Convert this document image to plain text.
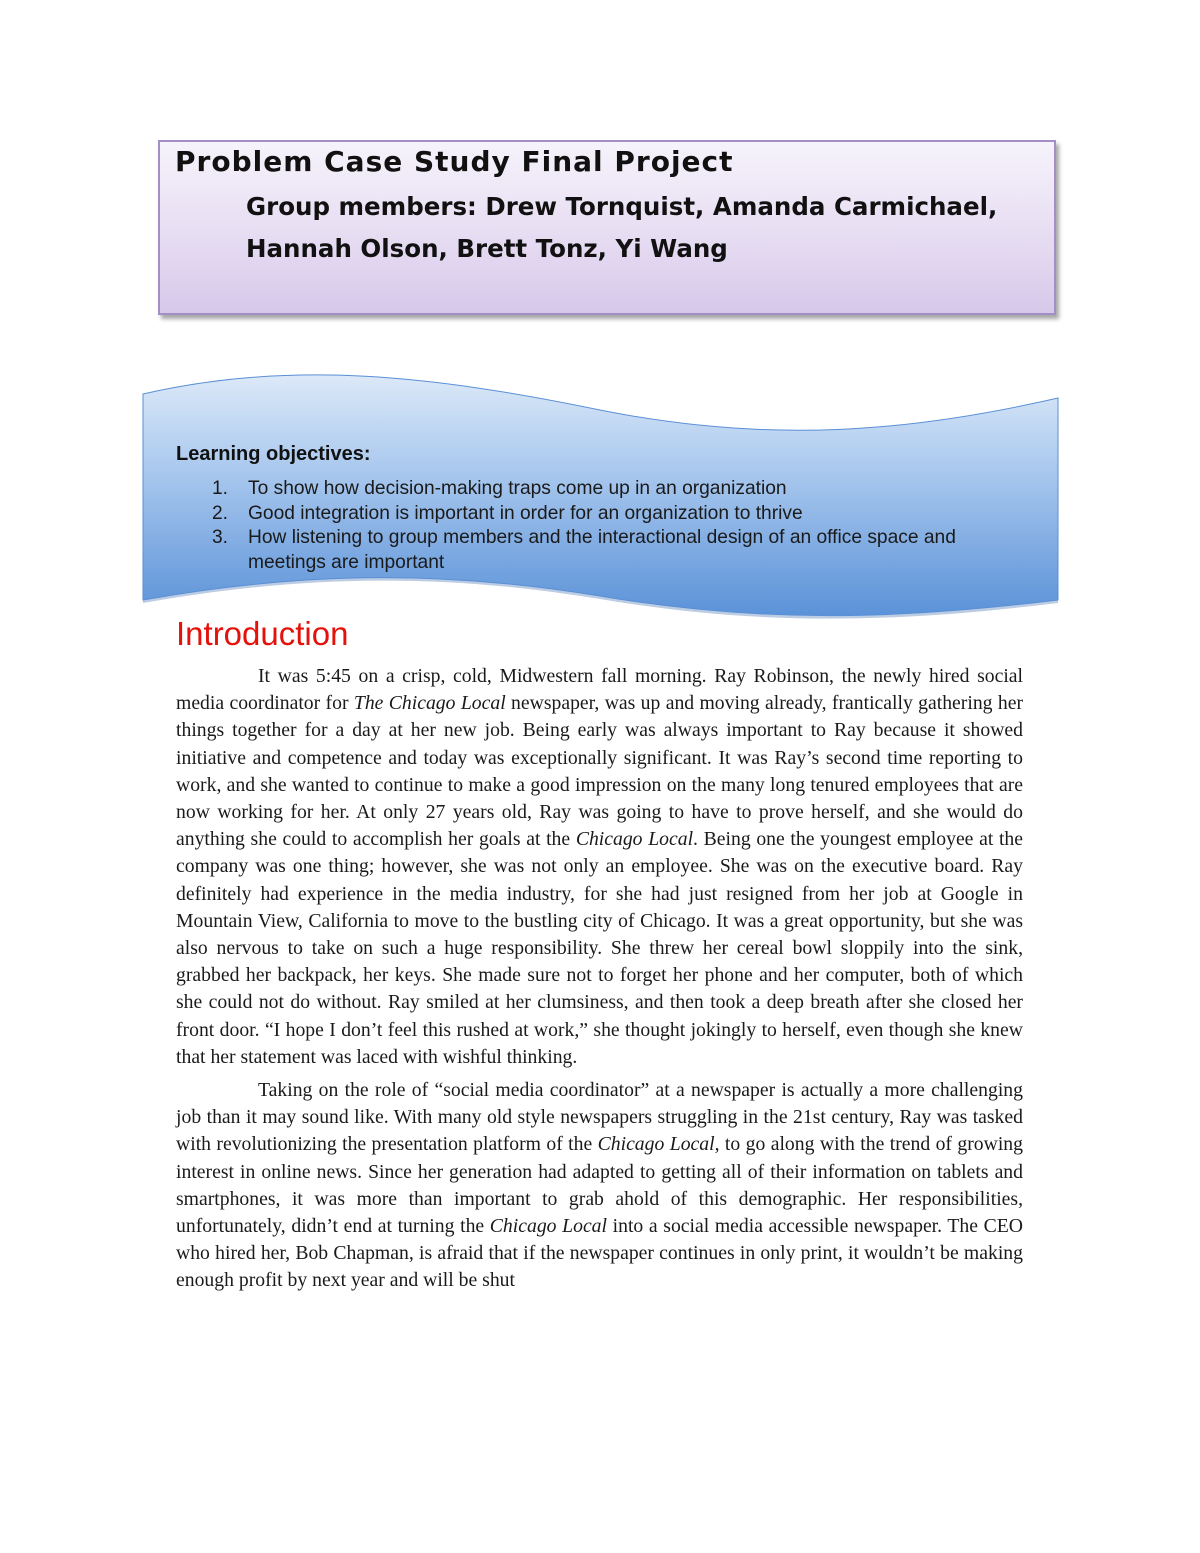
Problem Case Study Final Project
Group members: Drew Tornquist, Amanda Carmichael,
Hannah Olson, Brett Tonz, Yi Wang
Learning objectives:
1.	To show how decision-making traps come up in an organization
2.	Good integration is important in order for an organization to thrive
3.	How listening to group members and the interactional design of an office space and meetings are important
Introduction

It was 5:45 on a crisp, cold, Midwestern fall morning. Ray Robinson, the newly hired social media coordinator for The Chicago Local newspaper, was up and moving already, frantically gathering her things together for a day at her new job. Being early was always important to Ray because it showed initiative and competence and today was exceptionally significant. It was Ray’s second time reporting to work, and she wanted to continue to make a good impression on the many long tenured employees that are now working for her. At only 27 years old, Ray was going to have to prove herself, and she would do anything she could to accomplish her goals at the Chicago Local. Being one the youngest employee at the company was one thing; however, she was not only an employee. She was on the executive board. Ray definitely had experience in the media industry, for she had just resigned from her job at Google in Mountain View, California to move to the bustling city of Chicago. It was a great opportunity, but she was also nervous to take on such a huge responsibility. She threw her cereal bowl sloppily into the sink, grabbed her backpack, her keys. She made sure not to forget her phone and her computer, both of which she could not do without. Ray smiled at her clumsiness, and then took a deep breath after she closed her front door. “I hope I don’t feel this rushed at work,” she thought jokingly to herself, even though she knew that her statement was laced with wishful thinking.

Taking on the role of “social media coordinator” at a newspaper is actually a more challenging job than it may sound like. With many old style newspapers struggling in the 21st century, Ray was tasked with revolutionizing the presentation platform of the Chicago Local, to go along with the trend of growing interest in online news. Since her generation had adapted to getting all of their information on tablets and smartphones, it was more than important to grab ahold of this demographic. Her responsibilities, unfortunately, didn’t end at turning the Chicago Local into a social media accessible newspaper. The CEO who hired her, Bob Chapman, is afraid that if the newspaper continues in only print, it wouldn’t be making enough profit by next year and will be shut
